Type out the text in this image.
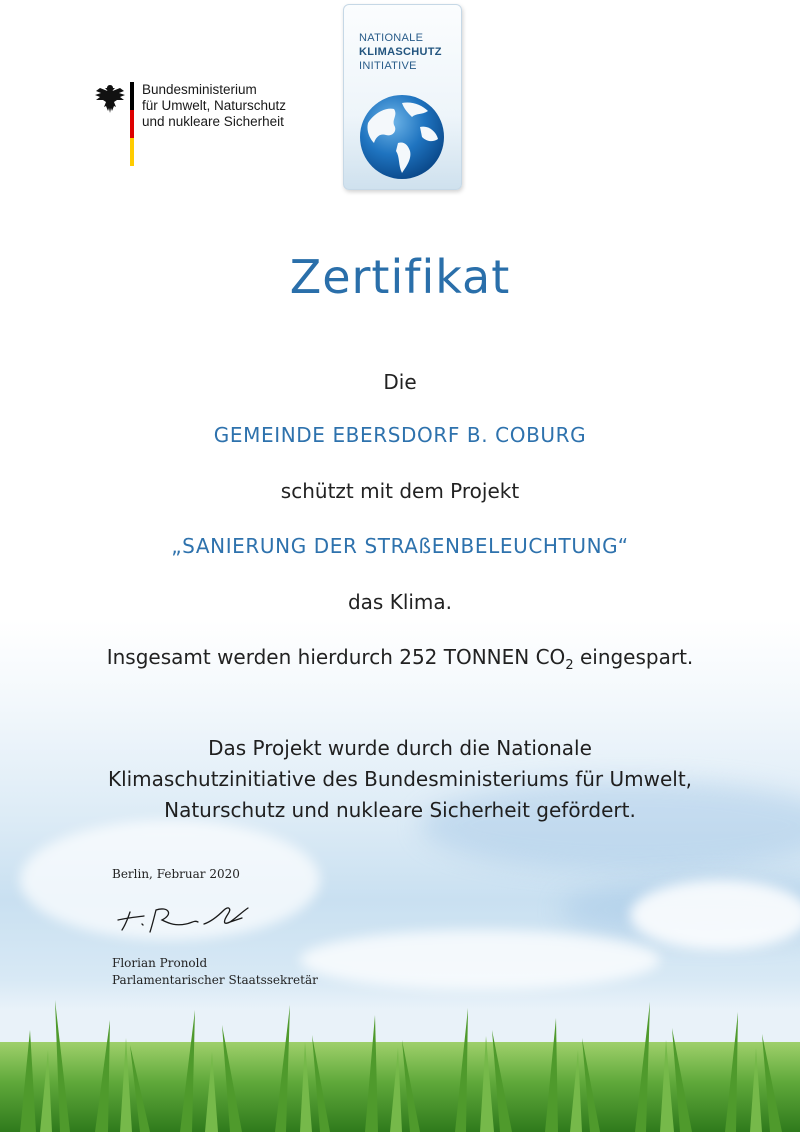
Bundesministerium
für Umwelt, Naturschutz
und nukleare Sicherheit
NATIONALE
KLIMASCHUTZ
INITIATIVE
Zertifikat

Die

GEMEINDE EBERSDORF B. COBURG

schützt mit dem Projekt

„SANIERUNG DER STRAßENBELEUCHTUNG“

das Klima.

Insgesamt werden hierdurch 252 TONNEN $CO_2$ eingespart.

Das Projekt wurde durch die Nationale
Klimaschutzinitiative des Bundesministeriums für Umwelt,
Naturschutz und nukleare Sicherheit gefördert.
Berlin, Februar 2020
Florian Pronold
Parlamentarischer Staatssekretär
